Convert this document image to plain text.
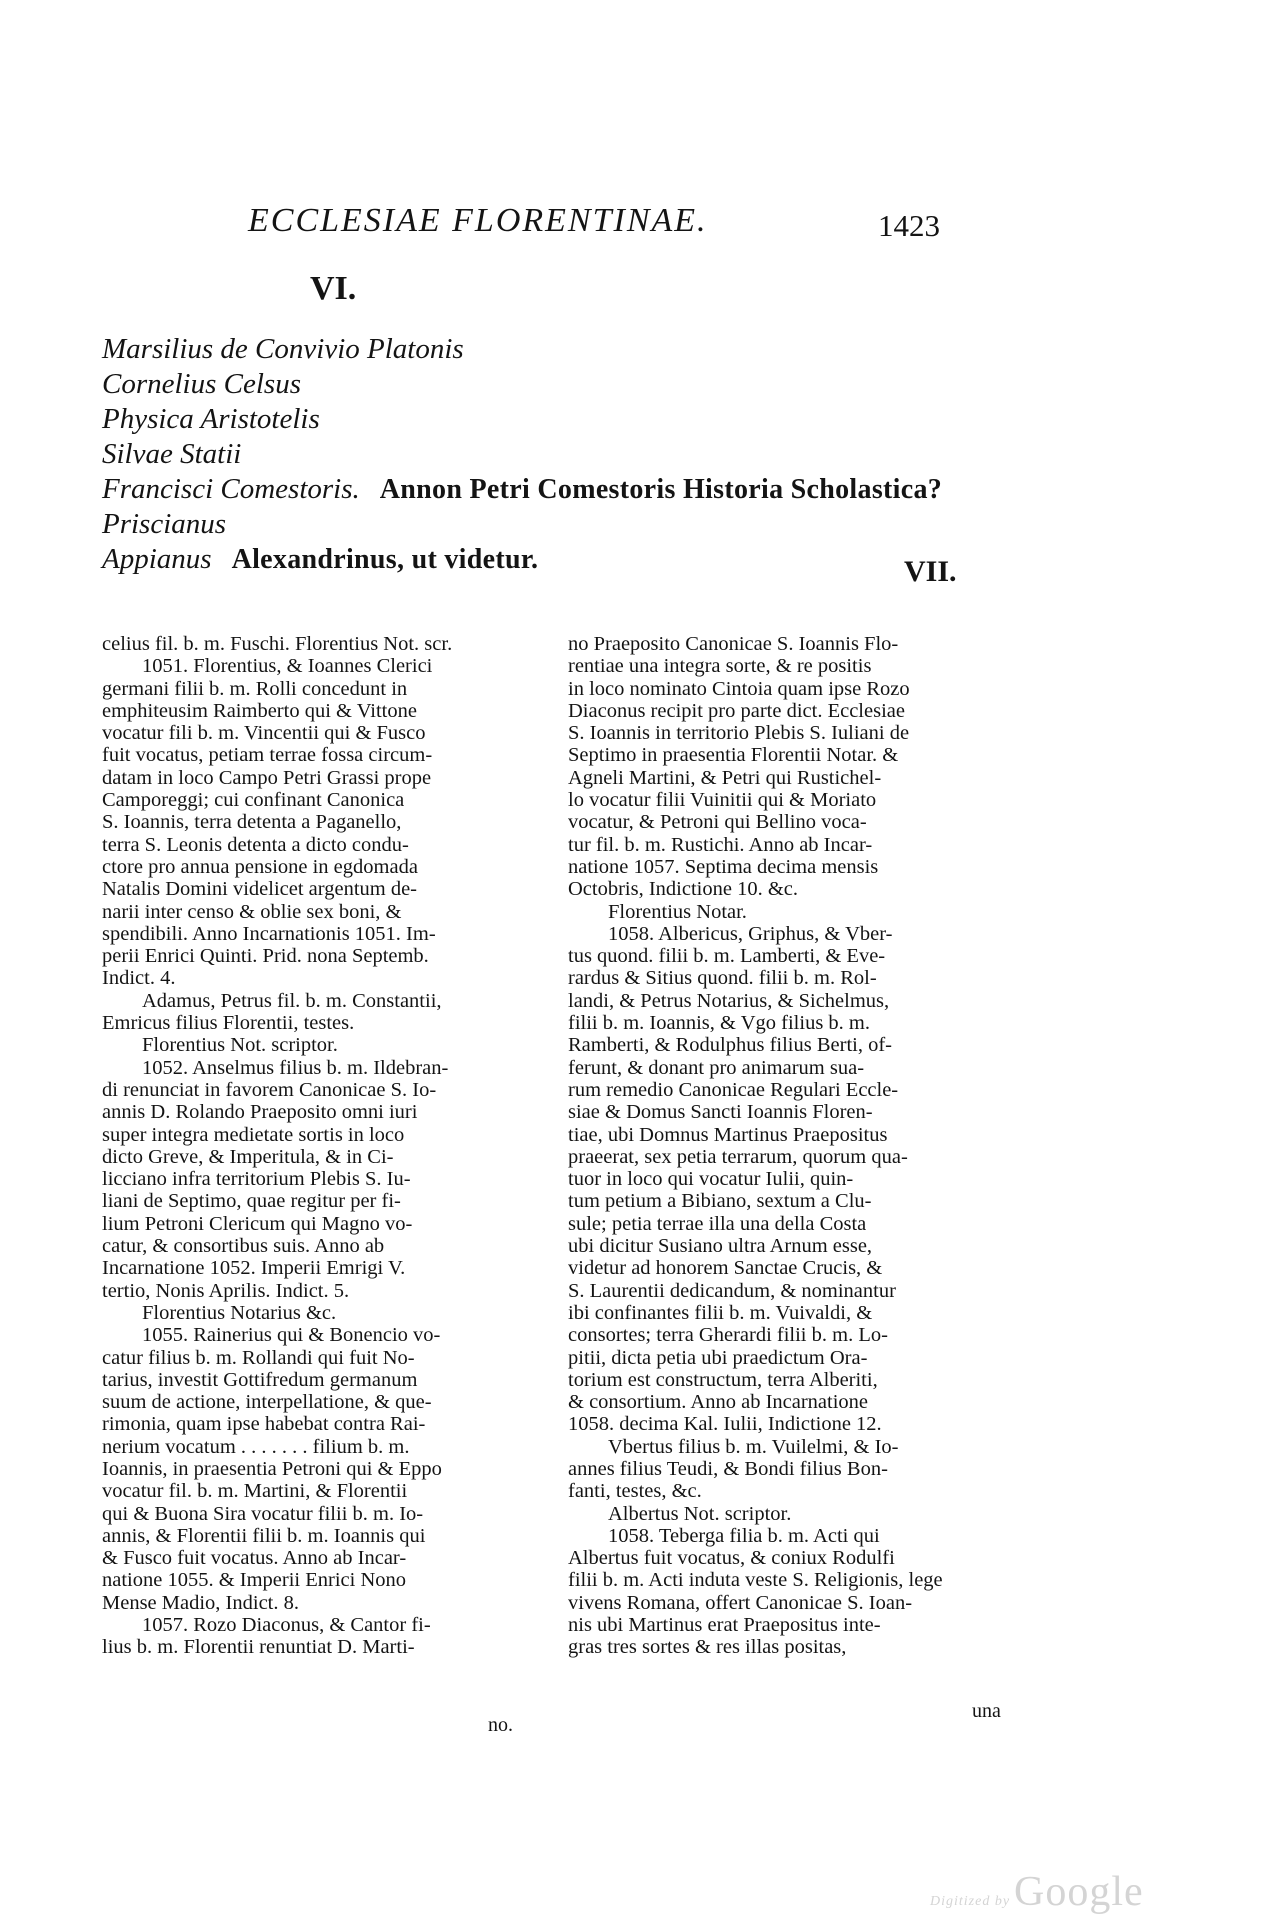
ECCLESIAE FLORENTINAE.	1423
VI.
Marsilius de Convivio Platonis
Cornelius Celsus
Physica Aristotelis
Silvae Statii
Francisci Comestoris. Annon Petri Comestoris Historia Scholastica?
Priscianus
Appianus Alexandrinus, ut videtur.	VII.
celius fil. b. m. Fuschi. Florentius Not. scr.
1051. Florentius, & Ioannes Clerici
germani filii b. m. Rolli concedunt in
emphiteusim Raimberto qui & Vittone
vocatur fili b. m. Vincentii qui & Fusco
fuit vocatus, petiam terrae fossa circum-
datam in loco Campo Petri Grassi prope
Camporeggi; cui confinant Canonica
S. Ioannis, terra detenta a Paganello,
terra S. Leonis detenta a dicto condu-
ctore pro annua pensione in egdomada
Natalis Domini videlicet argentum de-
narii inter censo & oblie sex boni, &
spendibili. Anno Incarnationis 1051. Im-
perii Enrici Quinti. Prid. nona Septemb.
Indict. 4.
Adamus, Petrus fil. b. m. Constantii,
Emricus filius Florentii, testes.
Florentius Not. scriptor.
1052. Anselmus filius b. m. Ildebran-
di renunciat in favorem Canonicae S. Io-
annis D. Rolando Praeposito omni iuri
super integra medietate sortis in loco
dicto Greve, & Imperitula, & in Ci-
licciano infra territorium Plebis S. Iu-
liani de Septimo, quae regitur per fi-
lium Petroni Clericum qui Magno vo-
catur, & consortibus suis. Anno ab
Incarnatione 1052. Imperii Emrigi V.
tertio, Nonis Aprilis. Indict. 5.
Florentius Notarius &c.
1055. Rainerius qui & Bonencio vo-
catur filius b. m. Rollandi qui fuit No-
tarius, investit Gottifredum germanum
suum de actione, interpellatione, & que-
rimonia, quam ipse habebat contra Rai-
nerium vocatum . . . . . . . filium b. m.
Ioannis, in praesentia Petroni qui & Eppo
vocatur fil. b. m. Martini, & Florentii
qui & Buona Sira vocatur filii b. m. Io-
annis, & Florentii filii b. m. Ioannis qui
& Fusco fuit vocatus. Anno ab Incar-
natione 1055. & Imperii Enrici Nono
Mense Madio, Indict. 8.
1057. Rozo Diaconus, & Cantor fi-
lius b. m. Florentii renuntiat D. Marti-
no Praeposito Canonicae S. Ioannis Flo-
rentiae una integra sorte, & re positis
in loco nominato Cintoia quam ipse Rozo
Diaconus recipit pro parte dict. Ecclesiae
S. Ioannis in territorio Plebis S. Iuliani de
Septimo in praesentia Florentii Notar. &
Agneli Martini, & Petri qui Rustichel-
lo vocatur filii Vuinitii qui & Moriato
vocatur, & Petroni qui Bellino voca-
tur fil. b. m. Rustichi. Anno ab Incar-
natione 1057. Septima decima mensis
Octobris, Indictione 10. &c.
Florentius Notar.
1058. Albericus, Griphus, & Vber-
tus quond. filii b. m. Lamberti, & Eve-
rardus & Sitius quond. filii b. m. Rol-
landi, & Petrus Notarius, & Sichelmus,
filii b. m. Ioannis, & Vgo filius b. m.
Ramberti, & Rodulphus filius Berti, of-
ferunt, & donant pro animarum sua-
rum remedio Canonicae Regulari Eccle-
siae & Domus Sancti Ioannis Floren-
tiae, ubi Domnus Martinus Praepositus
praeerat, sex petia terrarum, quorum qua-
tuor in loco qui vocatur Iulii, quin-
tum petium a Bibiano, sextum a Clu-
sule; petia terrae illa una della Costa
ubi dicitur Susiano ultra Arnum esse,
videtur ad honorem Sanctae Crucis, &
S. Laurentii dedicandum, & nominantur
ibi confinantes filii b. m. Vuivaldi, &
consortes; terra Gherardi filii b. m. Lo-
pitii, dicta petia ubi praedictum Ora-
torium est constructum, terra Alberiti,
& consortium. Anno ab Incarnatione
1058. decima Kal. Iulii, Indictione 12.
Vbertus filius b. m. Vuilelmi, & Io-
annes filius Teudi, & Bondi filius Bon-
fanti, testes, &c.
Albertus Not. scriptor.
1058. Teberga filia b. m. Acti qui
Albertus fuit vocatus, & coniux Rodulfi
filii b. m. Acti induta veste S. Religionis, lege
vivens Romana, offert Canonicae S. Ioan-
nis ubi Martinus erat Praepositus inte-
gras tres sortes & res illas positas,
no.
una
Digitized by Google
